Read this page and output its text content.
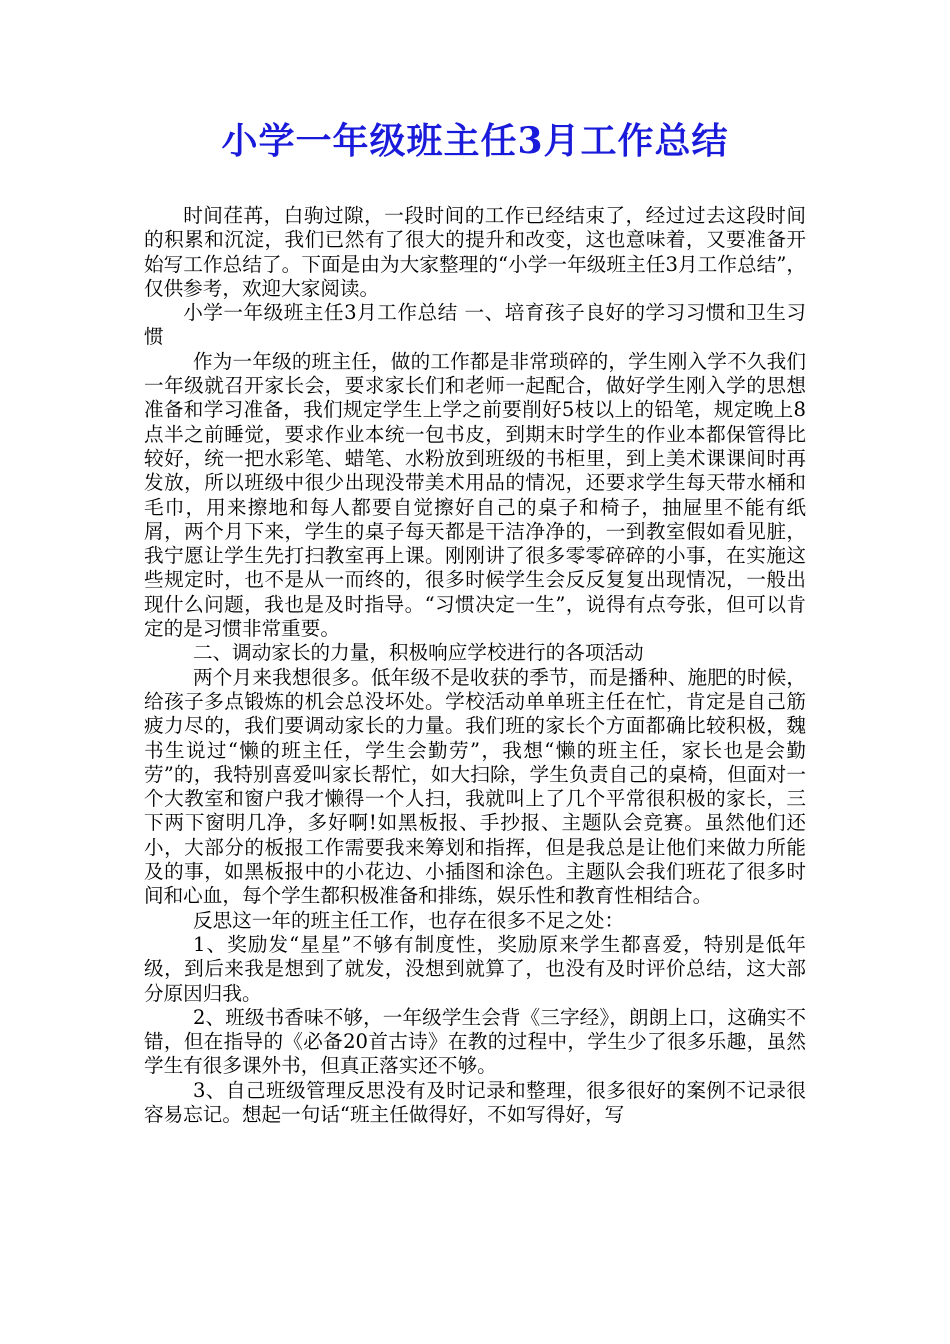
小学一年级班主任3月工作总结

时间荏苒，白驹过隙，一段时间的工作已经结束了，经过过去这段时间的积累和沉淀，我们已然有了很大的提升和改变，这也意味着，又要准备开始写工作总结了。下面是由为大家整理的“小学一年级班主任3月工作总结”，仅供参考，欢迎大家阅读。

小学一年级班主任3月工作总结 一、培育孩子良好的学习习惯和卫生习惯

作为一年级的班主任，做的工作都是非常琐碎的，学生刚入学不久我们一年级就召开家长会，要求家长们和老师一起配合，做好学生刚入学的思想准备和学习准备，我们规定学生上学之前要削好5枝以上的铅笔，规定晚上8点半之前睡觉，要求作业本统一包书皮，到期末时学生的作业本都保管得比较好，统一把水彩笔、蜡笔、水粉放到班级的书柜里，到上美术课课间时再发放，所以班级中很少出现没带美术用品的情况，还要求学生每天带水桶和毛巾，用来擦地和每人都要自觉擦好自己的桌子和椅子，抽屉里不能有纸屑，两个月下来，学生的桌子每天都是干洁净净的，一到教室假如看见脏，我宁愿让学生先打扫教室再上课。刚刚讲了很多零零碎碎的小事，在实施这些规定时，也不是从一而终的，很多时候学生会反反复复出现情况，一般出现什么问题，我也是及时指导。“习惯决定一生”，说得有点夸张，但可以肯定的是习惯非常重要。

二、调动家长的力量，积极响应学校进行的各项活动

两个月来我想很多。低年级不是收获的季节，而是播种、施肥的时候，给孩子多点锻炼的机会总没坏处。学校活动单单班主任在忙，肯定是自己筋疲力尽的，我们要调动家长的力量。我们班的家长个方面都确比较积极，魏书生说过“懒的班主任，学生会勤劳”，我想“懒的班主任，家长也是会勤劳”的，我特别喜爱叫家长帮忙，如大扫除，学生负责自己的桌椅，但面对一个大教室和窗户我才懒得一个人扫，我就叫上了几个平常很积极的家长，三下两下窗明几净，多好啊!如黑板报、手抄报、主题队会竞赛。虽然他们还小，大部分的板报工作需要我来筹划和指挥，但是我总是让他们来做力所能及的事，如黑板报中的小花边、小插图和涂色。主题队会我们班花了很多时间和心血，每个学生都积极准备和排练，娱乐性和教育性相结合。

反思这一年的班主任工作，也存在很多不足之处：

1、奖励发“星星”不够有制度性，奖励原来学生都喜爱，特别是低年级，到后来我是想到了就发，没想到就算了，也没有及时评价总结，这大部分原因归我。

2、班级书香味不够，一年级学生会背《三字经》，朗朗上口，这确实不错，但在指导的《必备20首古诗》在教的过程中，学生少了很多乐趣，虽然学生有很多课外书，但真正落实还不够。

3、自己班级管理反思没有及时记录和整理，很多很好的案例不记录很容易忘记。想起一句话“班主任做得好，不如写得好，写
